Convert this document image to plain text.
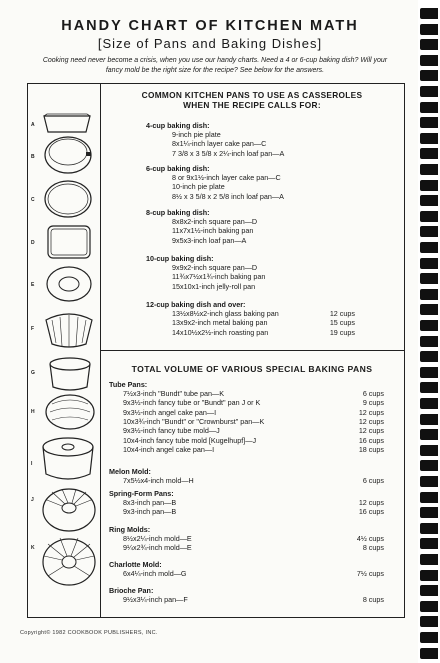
HANDY CHART OF KITCHEN MATH
[Size of Pans and Baking Dishes]
Cooking need never become a crisis, when you use our handy charts. Need a 4 or 6-cup baking dish? Will your fancy mold be the right size for the recipe? See below for the answers.
COMMON KITCHEN PANS TO USE AS CASSEROLES
WHEN THE RECIPE CALLS FOR:
TOTAL VOLUME OF VARIOUS SPECIAL BAKING PANS
4-cup baking dish:
9-inch pie plate
8x1¼-inch layer cake pan—C
7 3/8 x 3 5/8 x 2¼-inch loaf pan—A
6-cup baking dish:
8 or 9x1½-inch layer cake pan—C
10-inch pie plate
8½ x 3 5/8 x 2 5/8 inch loaf pan—A
8-cup baking dish:
8x8x2-inch square pan—D
11x7x1½-inch baking pan
9x5x3-inch loaf pan—A
10-cup baking dish:
9x9x2-inch square pan—D
11¾x7½x1¾-inch baking pan
15x10x1-inch jelly-roll pan
12-cup baking dish and over:
13½x8½x2-inch glass baking pan	12 cups
13x9x2-inch metal baking pan	15 cups
14x10½x2½-inch roasting pan	19 cups
Tube Pans:
7½x3-inch "Bundt" tube pan—K	6 cups
9x3½-inch fancy tube or "Bundt" pan J or K	9 cups
9x3½-inch angel cake pan—I	12 cups
10x3¾-inch "Bundt" or "Crownburst" pan—K	12 cups
9x3½-inch fancy tube mold—J	12 cups
10x4-inch fancy tube mold [Kugelhupf]—J	16 cups
10x4-inch angel cake pan—I	18 cups
Melon Mold:
7x5½x4-inch mold—H	6 cups
Spring-Form Pans:
8x3-inch pan—B	12 cups
9x3-inch pan—B	16 cups
Ring Molds:
8½x2¼-inch mold—E	4½ cups
9¼x2¾-inch mold—E	8 cups
Charlotte Mold:
6x4¼-inch mold—G	7½ cups
Brioche Pan:
9½x3¼-inch pan—F	8 cups
A
B
C
D
E
F
G
H
I
J
K
Copyright© 1982 COOKBOOK PUBLISHERS, INC.
